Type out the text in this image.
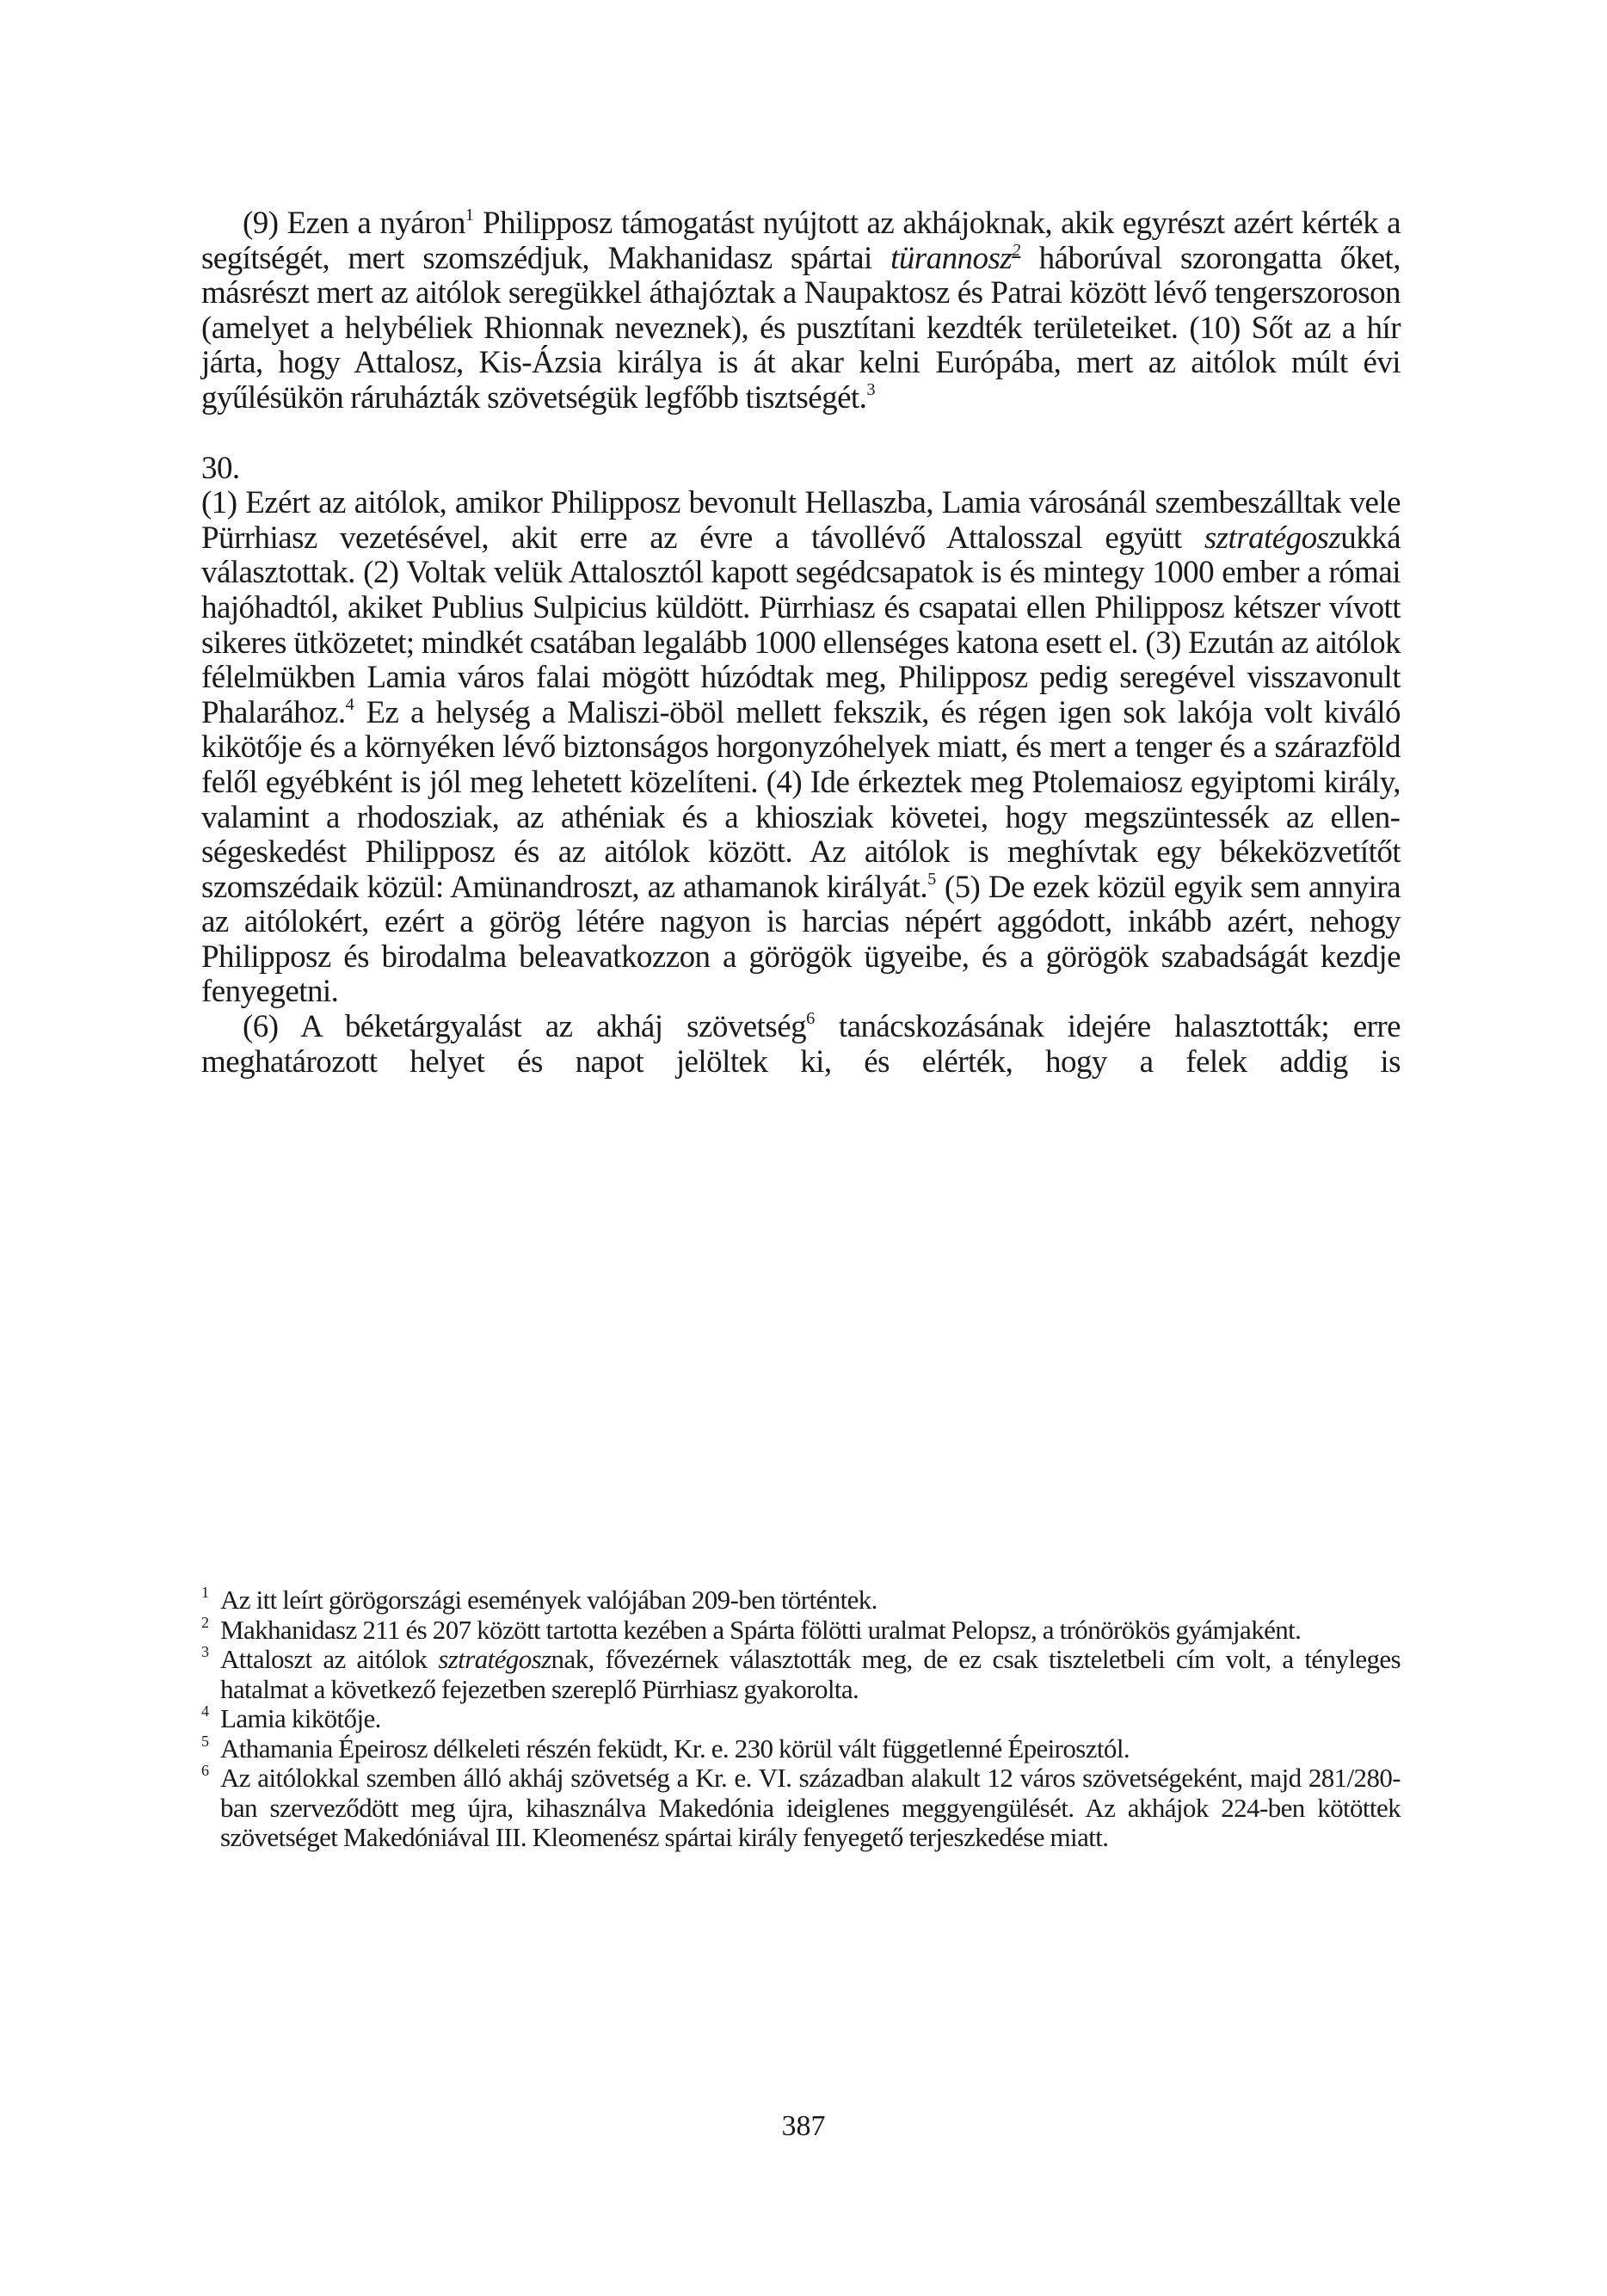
(9) Ezen a nyáron$^1$ Philipposz támogatást nyújtott az akhájoknak, akik egyrészt azért kérték a segítségét, mert szomszédjuk, Makhanidasz spártai türannosz$^2$ háborúval szorongatta őket, másrészt mert az aitólok seregükkel áthajóztak a Naupaktosz és Patrai között lévő tengerszoroson (amelyet a helybéliek Rhionnak neveznek), és pusztítani kezdték területeiket. (10) Sőt az a hír járta, hogy Attalosz, Kis-Ázsia királya is át akar kelni Európába, mert az aitólok múlt évi gyűlésükön ráruházták szövetségük legfőbb tisztségét.$^3$

30.

(1) Ezért az aitólok, amikor Philipposz bevonult Hellaszba, Lamia városánál szembeszálltak vele Pürrhiasz vezetésével, akit erre az évre a távollévő Attalosszal együtt sztratégoszukká választottak. (2) Voltak velük Attalosztól kapott segédcsapatok is és mintegy 1000 ember a római hajóhadtól, akiket Publius Sulpicius küldött. Pürrhiasz és csapatai ellen Philipposz kétszer vívott sikeres ütközetet; mindkét csatában legalább 1000 ellenséges katona esett el. (3) Ezután az aitólok félelmükben Lamia város falai mögött húzódtak meg, Philipposz pedig seregével visszavonult Phalarához.$^4$ Ez a helység a Maliszi-öböl mellett fekszik, és régen igen sok lakója volt kiváló kikötője és a környéken lévő biztonságos horgonyzóhelyek miatt, és mert a tenger és a szárazföld felől egyébként is jól meg lehetett közelíteni. (4) Ide érkeztek meg Ptolemaiosz egyiptomi király, valamint a rhodosziak, az athéniak és a khiosziak követei, hogy megszüntessék az ellenségeskedést Philipposz és az aitólok között. Az aitólok is meghívtak egy békeközvetítőt szomszédaik közül: Amünandroszt, az athamanok királyát.$^5$ (5) De ezek közül egyik sem annyira az aitólokért, ezért a görög létére nagyon is harcias népért aggódott, inkább azért, nehogy Philipposz és birodalma beleavatkozzon a görögök ügyeibe, és a görögök szabadságát kezdje fenyegetni.

(6) A béketárgyalást az akháj szövetség$^6$ tanácskozásának idejére halasztották; erre meghatározott helyet és napot jelöltek ki, és elérték, hogy a felek addig is

1 Az itt leírt görögországi események valójában 209-ben történtek.

2 Makhanidasz 211 és 207 között tartotta kezében a Spárta fölötti uralmat Pelopsz, a trónörökös gyámjaként.

3 Attaloszt az aitólok sztratégosznak, fővezérnek választották meg, de ez csak tiszteletbeli cím volt, a tényleges hatalmat a következő fejezetben szereplő Pürrhiasz gyakorolta.

4 Lamia kikötője.

5 Athamania Épeirosz délkeleti részén feküdt, Kr. e. 230 körül vált függetlenné Épeirosztól.

6 Az aitólokkal szemben álló akháj szövetség a Kr. e. VI. században alakult 12 város szövetségeként, majd 281/280-ban szerveződött meg újra, kihasználva Makedónia ideiglenes meggyengülését. Az akhájok 224-ben kötöttek szövetséget Makedóniával III. Kleomenész spártai király fenyegető terjeszkedése miatt.

387
